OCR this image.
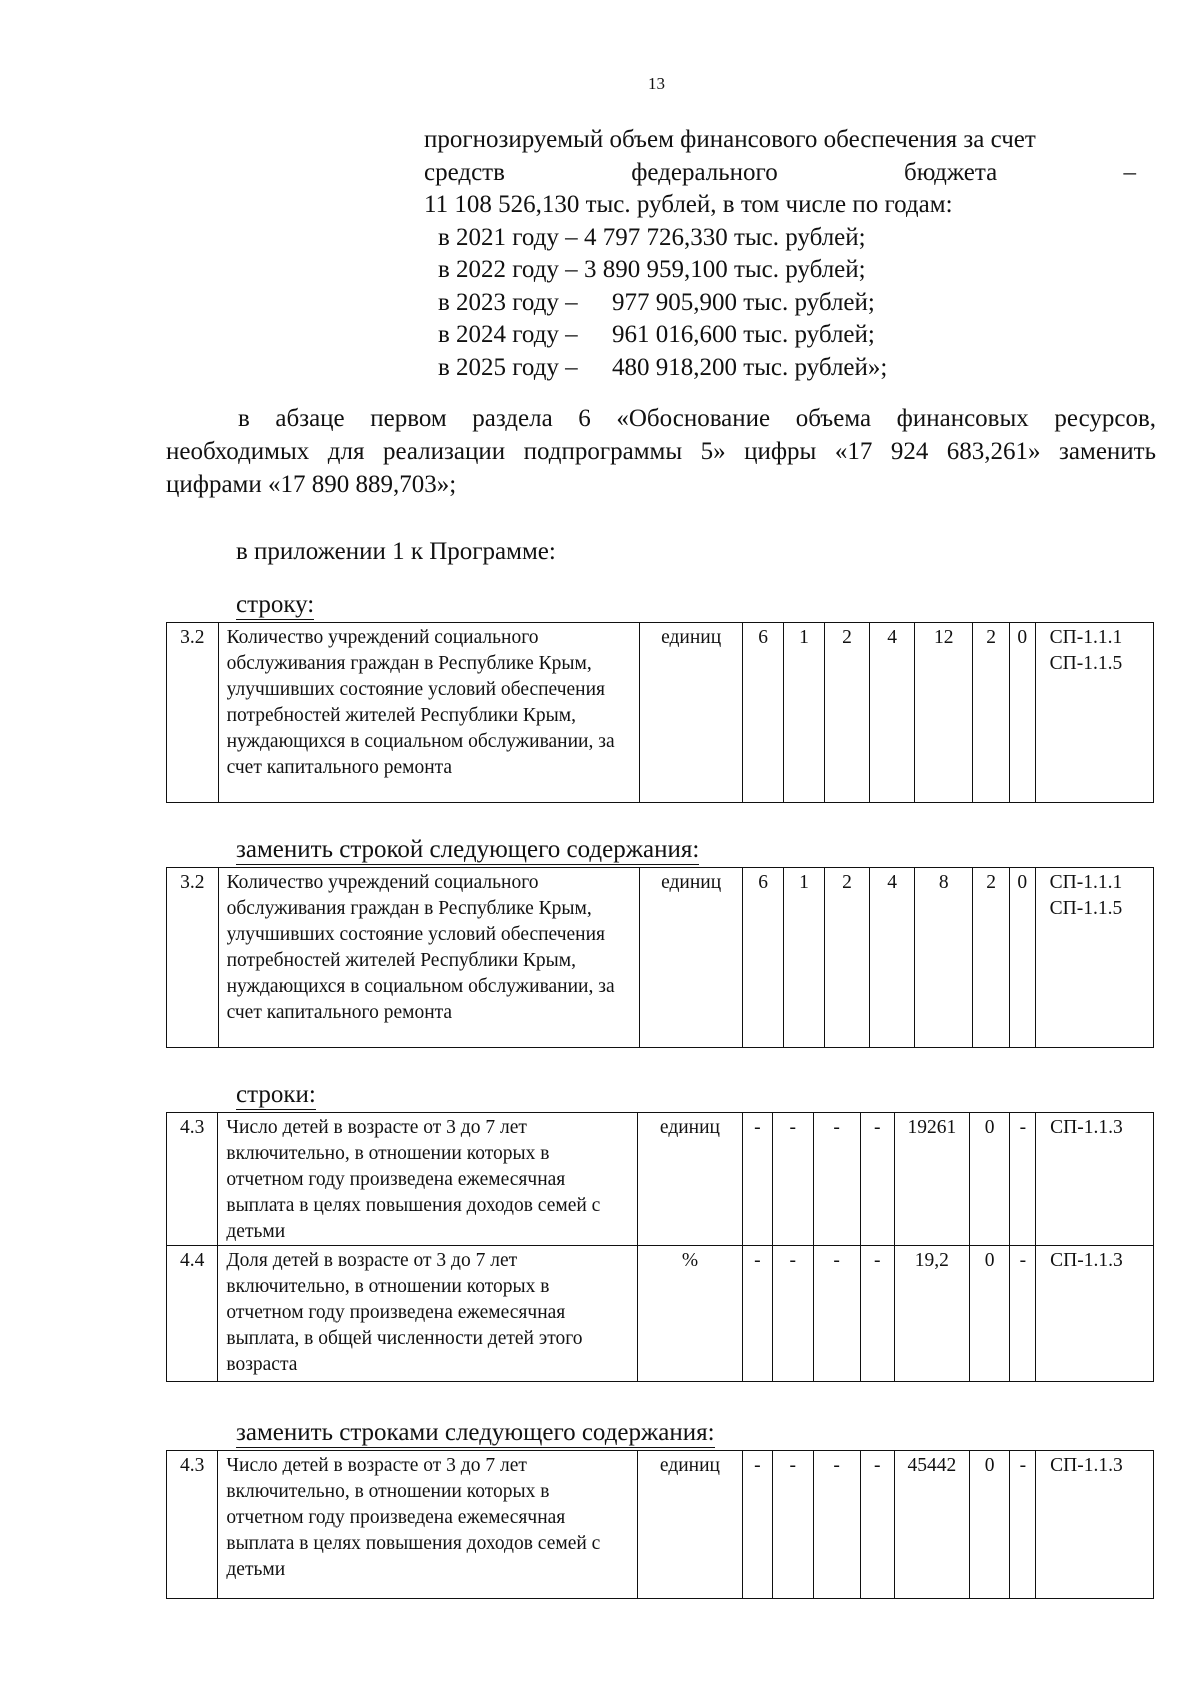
13
прогнозируемый объем финансового обеспечения за счет
средств	федерального	бюджета	–
11 108 526,130 тыс. рублей, в том числе по годам:
в 2021 году – 4 797 726,330 тыс. рублей;
в 2022 году – 3 890 959,100 тыс. рублей;
в 2023 году – 977 905,900 тыс. рублей;
в 2024 году – 961 016,600 тыс. рублей;
в 2025 году – 480 918,200 тыс. рублей»;
в абзаце первом раздела 6 «Обоснование объема финансовых ресурсов,
необходимых для реализации подпрограммы 5» цифры «17 924 683,261» заменить
цифрами «17 890 889,703»;
в приложении 1 к Программе:
строку:
3.2	Количество учреждений социального обслуживания граждан в Республике Крым, улучшивших состояние условий обеспечения потребностей жителей Республики Крым, нуждающихся в социальном обслуживании, за счет капитального ремонта	единиц	6	1	2	4	12	2	0	СП-1.1.1
СП-1.1.5
заменить строкой следующего содержания:
3.2	Количество учреждений социального обслуживания граждан в Республике Крым, улучшивших состояние условий обеспечения потребностей жителей Республики Крым, нуждающихся в социальном обслуживании, за счет капитального ремонта	единиц	6	1	2	4	8	2	0	СП-1.1.1
СП-1.1.5
строки:
4.3	Число детей в возрасте от 3 до 7 лет включительно, в отношении которых в отчетном году произведена ежемесячная выплата в целях повышения доходов семей с детьми	единиц	-	-	-	-	19261	0	-	СП-1.1.3
4.4	Доля детей в возрасте от 3 до 7 лет включительно, в отношении которых в отчетном году произведена ежемесячная выплата, в общей численности детей этого возраста	%	-	-	-	-	19,2	0	-	СП-1.1.3
заменить строками следующего содержания:
4.3	Число детей в возрасте от 3 до 7 лет включительно, в отношении которых в отчетном году произведена ежемесячная выплата в целях повышения доходов семей с детьми	единиц	-	-	-	-	45442	0	-	СП-1.1.3
